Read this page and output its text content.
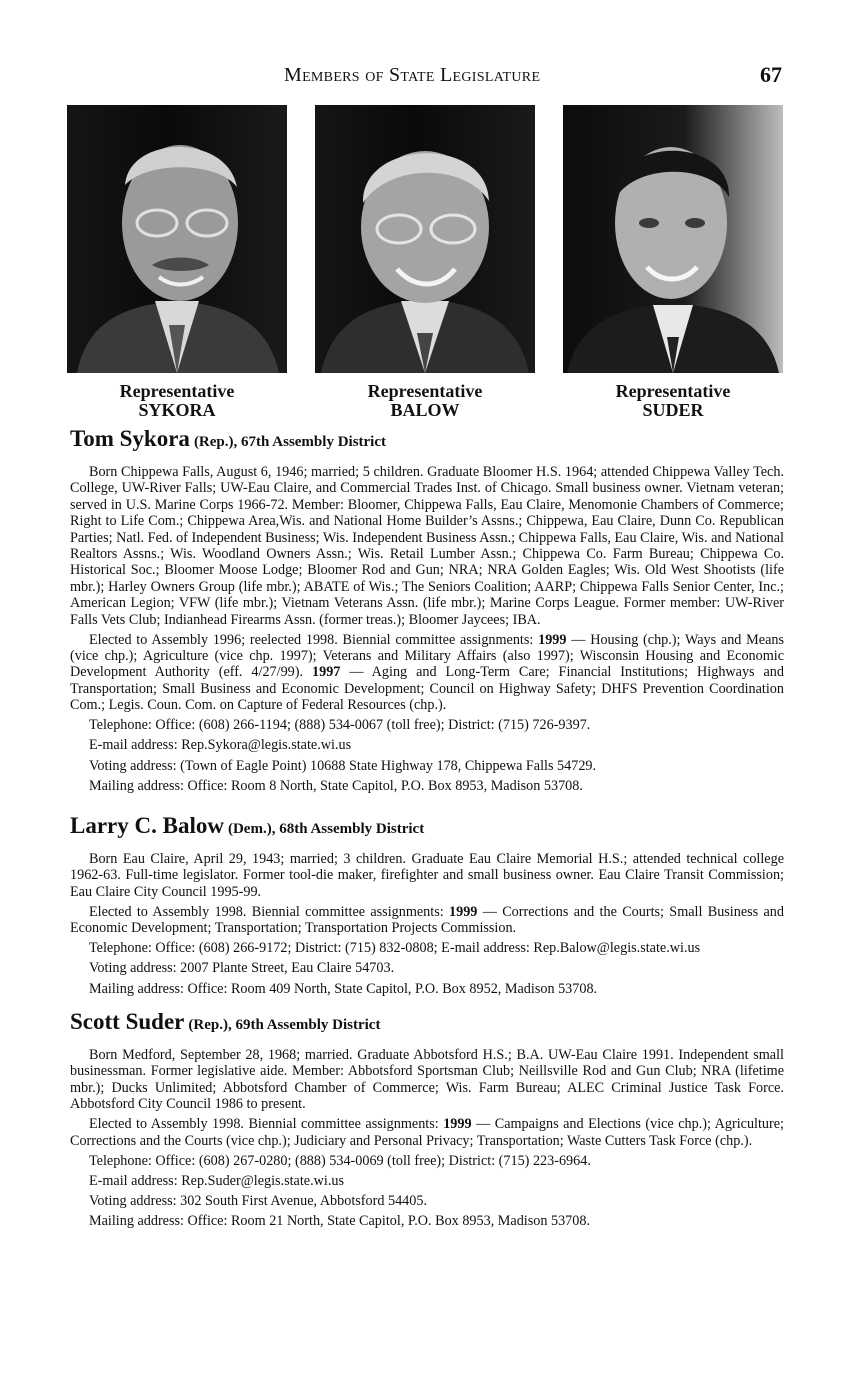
Members of State Legislature	67
Representative
SYKORA
Representative
BALOW
Representative
SUDER
Tom Sykora (Rep.), 67th Assembly District

Born Chippewa Falls, August 6, 1946; married; 5 children. Graduate Bloomer H.S. 1964; attended Chippewa Valley Tech. College, UW-River Falls; UW-Eau Claire, and Commercial Trades Inst. of Chicago. Small business owner. Vietnam veteran; served in U.S. Marine Corps 1966-72. Member: Bloomer, Chippewa Falls, Eau Claire, Menomonie Chambers of Commerce; Right to Life Com.; Chippewa Area,Wis. and National Home Builder’s Assns.; Chippewa, Eau Claire, Dunn Co. Republican Parties; Natl. Fed. of Independent Business; Wis. Independent Business Assn.; Chippewa Falls, Eau Claire, Wis. and National Realtors Assns.; Wis. Woodland Owners Assn.; Wis. Retail Lumber Assn.; Chippewa Co. Farm Bureau; Chippewa Co. Historical Soc.; Bloomer Moose Lodge; Bloomer Rod and Gun; NRA; NRA Golden Eagles; Wis. Old West Shootists (life mbr.); Harley Owners Group (life mbr.); ABATE of Wis.; The Seniors Coalition; AARP; Chippewa Falls Senior Center, Inc.; American Legion; VFW (life mbr.); Vietnam Veterans Assn. (life mbr.); Marine Corps League. Former member: UW-River Falls Vets Club; Indianhead Firearms Assn. (former treas.); Bloomer Jaycees; IBA.

Elected to Assembly 1996; reelected 1998. Biennial committee assignments: 1999 — Housing (chp.); Ways and Means (vice chp.); Agriculture (vice chp. 1997); Veterans and Military Affairs (also 1997); Wisconsin Housing and Economic Development Authority (eff. 4/27/99). 1997 — Aging and Long-Term Care; Financial Institutions; Highways and Transportation; Small Business and Economic Development; Council on Highway Safety; DHFS Prevention Coordination Com.; Legis. Coun. Com. on Capture of Federal Resources (chp.).

Telephone: Office: (608) 266-1194; (888) 534-0067 (toll free); District: (715) 726-9397.
E-mail address: Rep.Sykora@legis.state.wi.us
Voting address: (Town of Eagle Point) 10688 State Highway 178, Chippewa Falls 54729.
Mailing address: Office: Room 8 North, State Capitol, P.O. Box 8953, Madison 53708.
Larry C. Balow (Dem.), 68th Assembly District

Born Eau Claire, April 29, 1943; married; 3 children. Graduate Eau Claire Memorial H.S.; attended technical college 1962-63. Full-time legislator. Former tool-die maker, firefighter and small business owner. Eau Claire Transit Commission; Eau Claire City Council 1995-99.

Elected to Assembly 1998. Biennial committee assignments: 1999 — Corrections and the Courts; Small Business and Economic Development; Transportation; Transportation Projects Commission.

Telephone: Office: (608) 266-9172; District: (715) 832-0808; E-mail address: Rep.Balow@legis.state.wi.us
Voting address: 2007 Plante Street, Eau Claire 54703.
Mailing address: Office: Room 409 North, State Capitol, P.O. Box 8952, Madison 53708.
Scott Suder (Rep.), 69th Assembly District

Born Medford, September 28, 1968; married. Graduate Abbotsford H.S.; B.A. UW-Eau Claire 1991. Independent small businessman. Former legislative aide. Member: Abbotsford Sportsman Club; Neillsville Rod and Gun Club; NRA (lifetime mbr.); Ducks Unlimited; Abbotsford Chamber of Commerce; Wis. Farm Bureau; ALEC Criminal Justice Task Force. Abbotsford City Council 1986 to present.

Elected to Assembly 1998. Biennial committee assignments: 1999 — Campaigns and Elections (vice chp.); Agriculture; Corrections and the Courts (vice chp.); Judiciary and Personal Privacy; Transportation; Waste Cutters Task Force (chp.).

Telephone: Office: (608) 267-0280; (888) 534-0069 (toll free); District: (715) 223-6964.
E-mail address: Rep.Suder@legis.state.wi.us
Voting address: 302 South First Avenue, Abbotsford 54405.
Mailing address: Office: Room 21 North, State Capitol, P.O. Box 8953, Madison 53708.
